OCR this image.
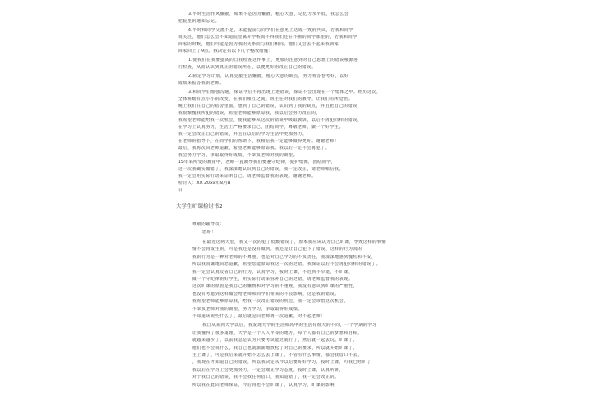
3.平时生活作风懒散，如果不是因为懒散，粗心大意，记忆力水平低，我怎么会
把院里的通知忘记。
4.平时和同学交流不足，未能提前与同学们在意见上达成一致的共识，若我和同学
说关注，他们怎么会不知道院里离开学校而不得我们还在不断的同学那里的，若我和同学
回家的时候，他们可能是因为我的关系而与我们相同。他们又会去不起来我回家
回家回上了9点。我决定有以下几个整改措施：
1.使我们在我要提高的自我检查这件事上，更加的注意到对自己思想上的错误根源进
行检查，从而认识到真正的错误所在，以便更好的改正自己的错误。
2.制定学习计划，认真克服生活懒散，粗心大意的缺点，努力将答卷考好，以好
成绩来报答我的老师。
3.和同学们加强沟通，保证今后不再出现上述错误，保证不会出现在一个集体之中。经历这次，
全体班级有点小小的改变，在我们相互之间，班主任对我们的教导，让我们有所觉悟。
晚上我们在自己的宿舍里面，想到了自己的错误，认识到了我的缺点，并且把自己的错误
我很惭愧我所犯的错误，希望老师能够原谅我，我以后会努力改正的，
我希望老师能给我一次机会，使我能够从这次的错误中吸取教训，以后不再犯同样的错误，
在学习上认真努力，生活上严格要求自己，团结同学，尊敬老师，做一个好学生。
我一定会改正自己的错误，并且在以后的学习生活中更加努力。
在老师的指导下，在同学们的帮助下，我相信我一定能够做得更好。谢谢老师！
最后，我再次向老师道歉，希望老师能够原谅我。我以后一定不会再犯了。
我会努力学习，争取取得好成绩，不辜负老师对我的期望。
15年来所受的教育中，老师一直教导我们要遵守纪律，爱护集体，团结同学，
这一次我确实做错了，我深深地认识到自己的错误，我一定改正，请老师相信我。
我一定会用实际行动来证明自己，请老师监督我的表现，谢谢老师。
检讨人：XX 20xx年8月8
日
大学生旷课检讨书2
尊敬的辅导员：
您好！
在最近这两天里，我又一次的犯了低级错误了，原本我应该认为自己旷课，导致这样的事情
情不会再发生的，可是我还是没有做到，我还是让自己犯下了错误，这样的行为真的
我的行为是一种对老师的不尊重，也是对自己学习的不负责任，我深深地感到愧疚和不安，
所以我真诚地向您道歉，希望您能原谅我这一次的过错，我保证以后不会再犯同样的错误了。
我一定会认真反省自己的行为，认真学习，按时上课，不迟到不早退，不旷课，
做一个守纪律的好学生，用实际行动来弥补自己的过错，请老师监督我的表现。
这次旷课的原因是我自己的懒惰和对学习的不重视，我没有意识到旷课的严重性，
也没有考虑到这样做会给老师和同学们带来的不良影响，这是我的错误。
我希望老师能够原谅我，给我一次改正错误的机会，我一定会珍惜这次机会，
不辜负老师对我的期望，努力学习，争取取得好成绩。
不知道该说些什么了，最后就是向老师再一次道歉，对不起老师！
我自从来到大学以后，我发现大学的生活和高中的生活有很大的不同，一个学期的学习
让我懂得了很多道理，大学是一个人人平等的地方，每个人都有自己的梦想和目标，
就越来越少了，以前我总是认为只要考试能过就行了，然后就一起去玩。旷课了，
他们也不会说什么，我自己也就渐渐地放松了对自己的要求，所以就开始旷课了，
主上课了，可是我后来就开始不怎么去上课了，不管有什么事情，都会找借口不去，
，我现在才知道自己的错误，所以我决定从今以后要好好学习，按时上课，可我已经旷了
我以后在学习上会更加努力，一定会端正学习态度，按时上课，认真听讲，
对于我自己的错误，我不会找任何借口，我知道错了，我一定会改正的。
所以我在此向老师保证，今后再也不会旷课了，认真学习，旷课的影响
